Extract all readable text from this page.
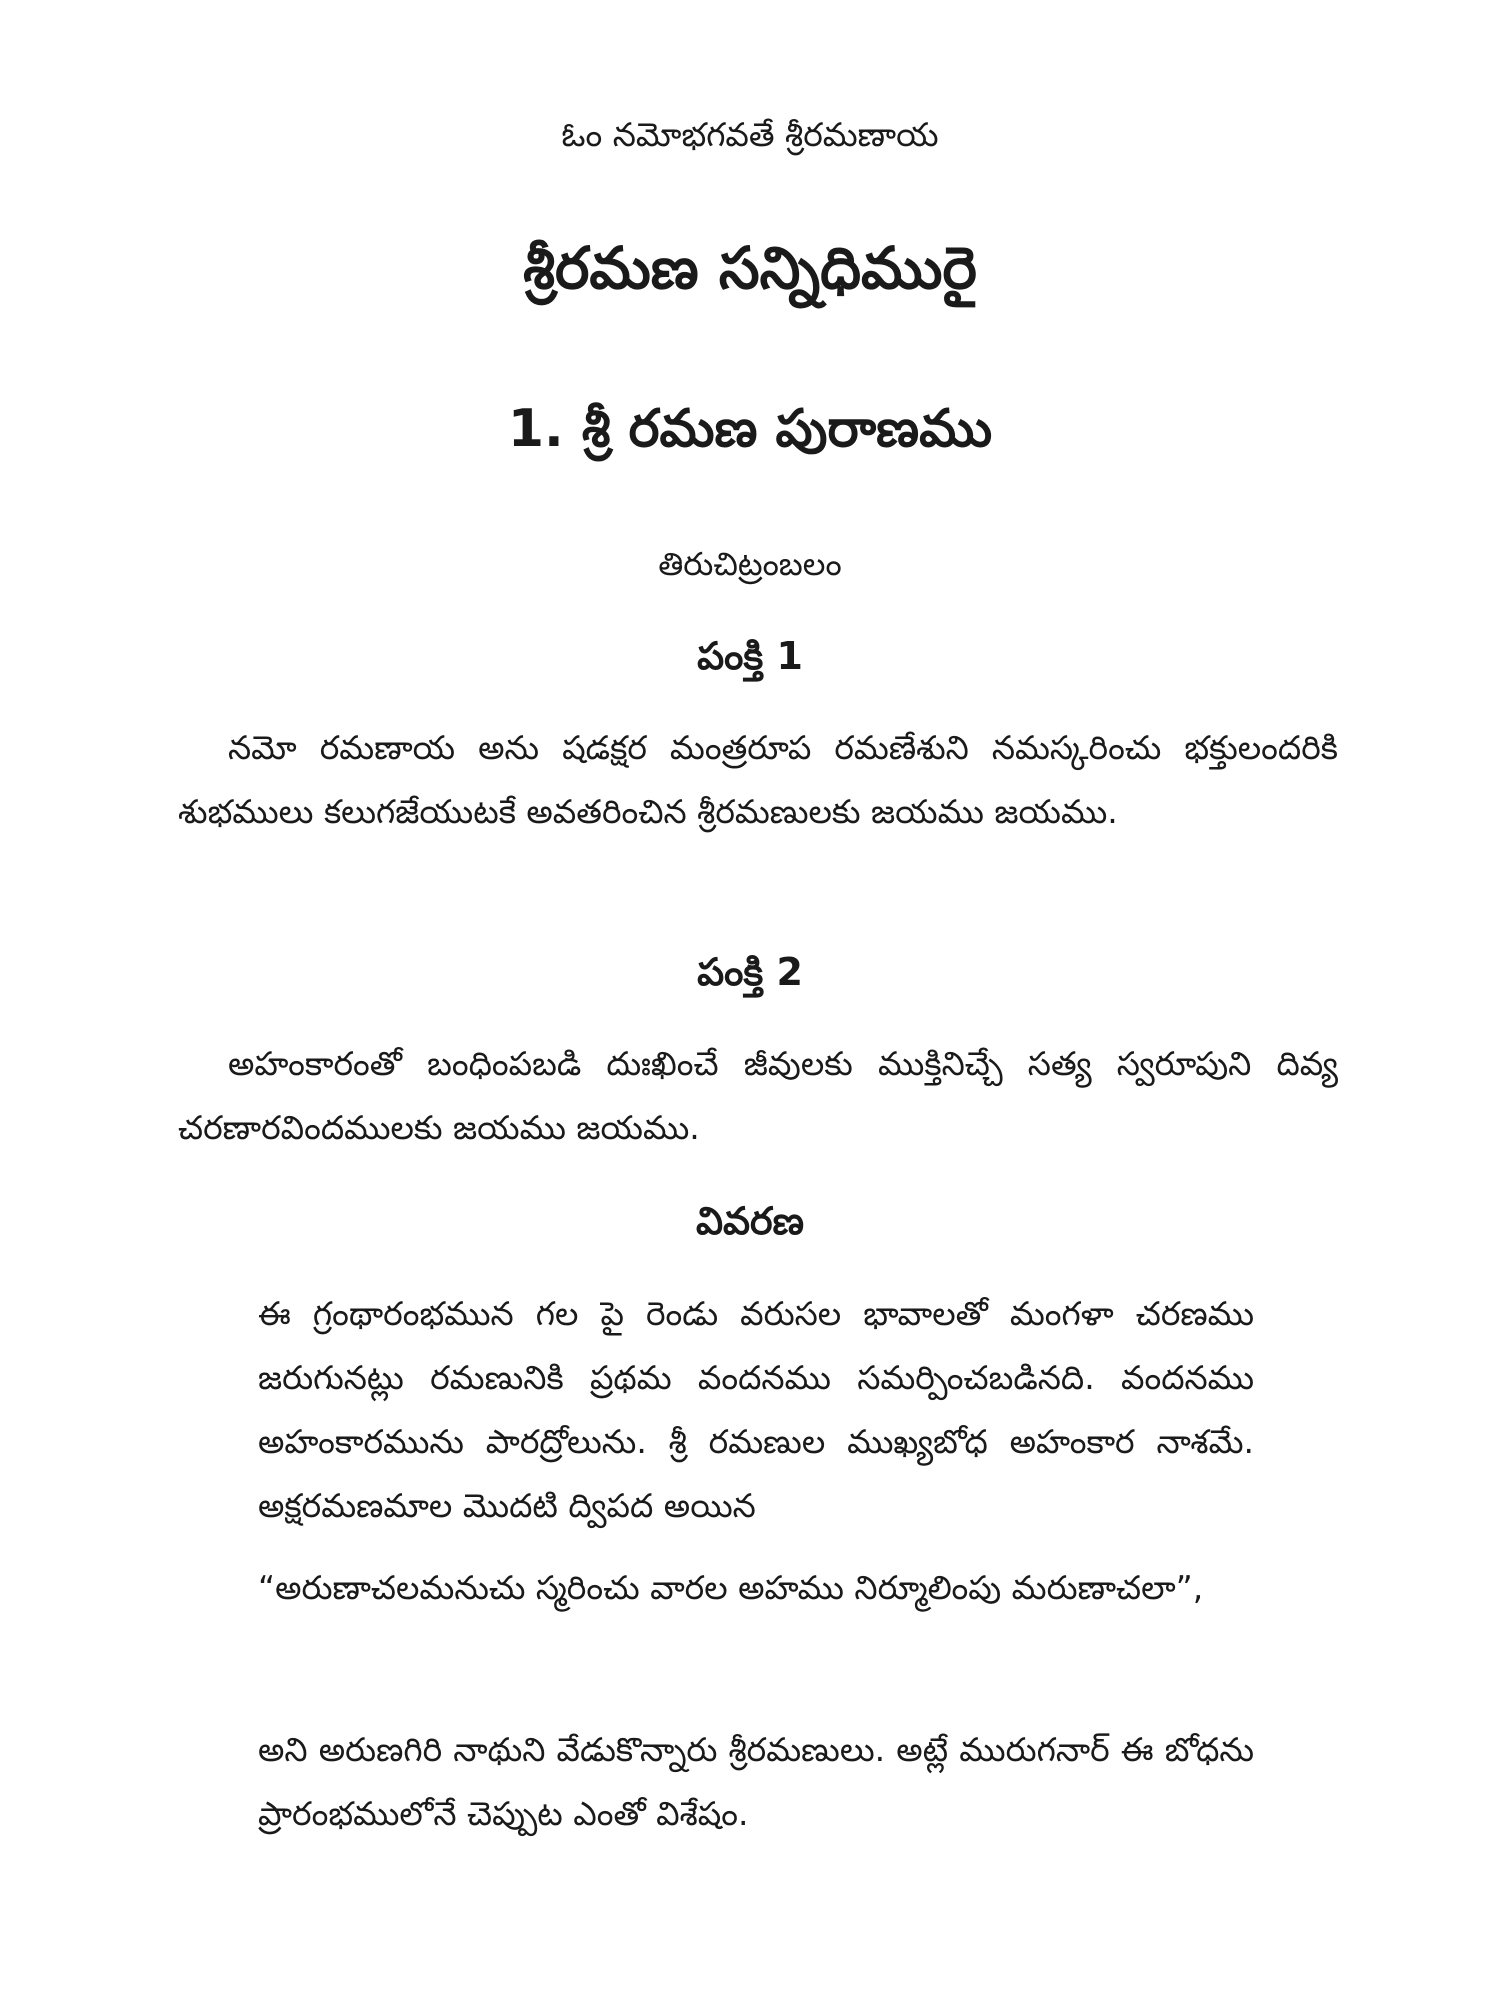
ఓం నమోభగవతే శ్రీరమణాయ
శ్రీరమణ సన్నిధిమురై
1. శ్రీ రమణ పురాణము
తిరుచిట్రంబలం
పంక్తి 1
నమో రమణాయ అను షడక్షర మంత్రరూప రమణేశుని నమస్కరించు భక్తులందరికి శుభములు కలుగజేయుటకే అవతరించిన శ్రీరమణులకు జయము జయము.
పంక్తి 2
అహంకారంతో బంధింపబడి దుఃఖించే జీవులకు ముక్తినిచ్చే సత్య స్వరూపుని దివ్య చరణారవిందములకు జయము జయము.
వివరణ
ఈ గ్రంథారంభమున గల పై రెండు వరుసల భావాలతో మంగళా చరణము జరుగునట్లు రమణునికి ప్రథమ వందనము సమర్పించబడినది. వందనము అహంకారమును పారద్రోలును. శ్రీ రమణుల ముఖ్యబోధ అహంకార నాశమే. అక్షరమణమాల మొదటి ద్విపద అయిన
“అరుణాచలమనుచు స్మరించు వారల అహము నిర్మూలింపు మరుణాచలా”,
అని అరుణగిరి నాథుని వేడుకొన్నారు శ్రీరమణులు. అట్లే మురుగనార్ ఈ బోధను ప్రారంభములోనే చెప్పుట ఎంతో విశేషం.
